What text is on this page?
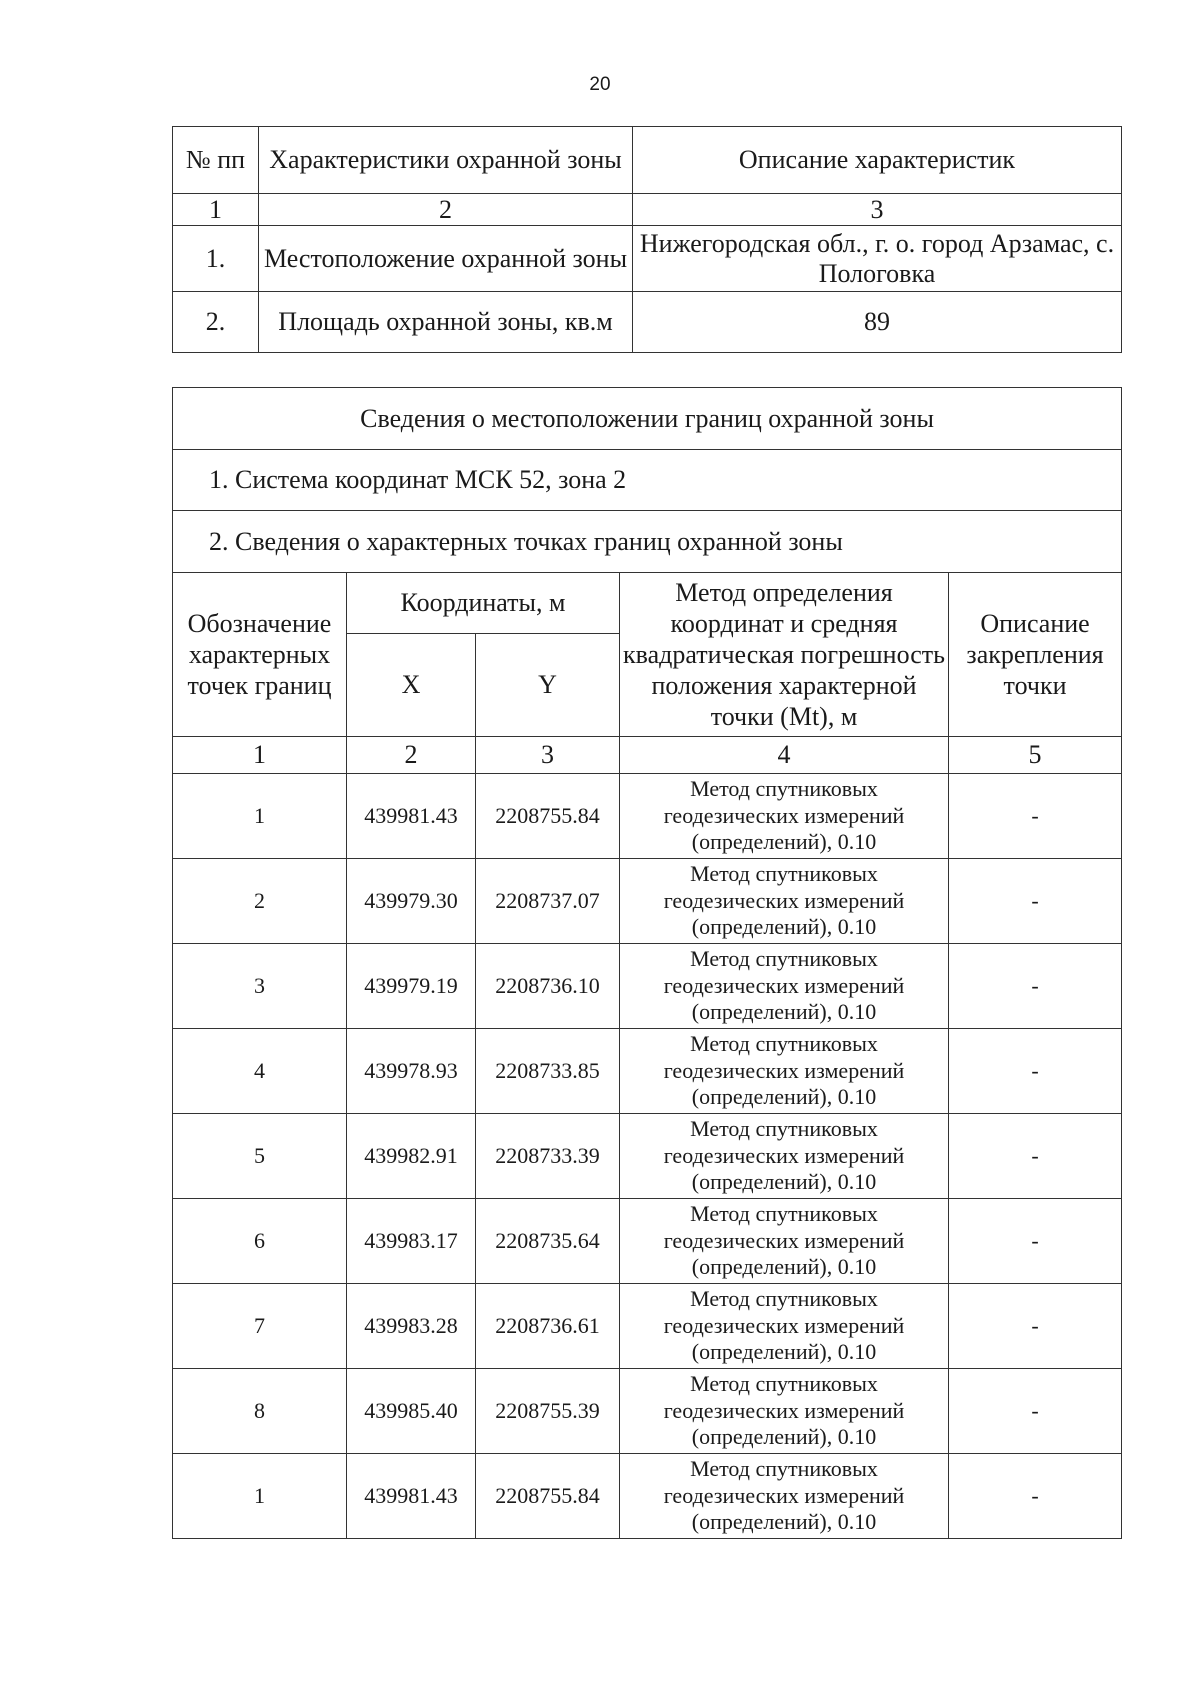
20
№ пп	Характеристики охранной зоны	Описание характеристик
1	2	3
1.	Местоположение охранной зоны	Нижегородская обл., г. о. город Арзамас, с. Пологовка
2.	Площадь охранной зоны, кв.м	89
Сведения о местоположении границ охранной зоны				
1. Система координат МСК 52, зона 2				
2. Сведения о характерных точках границ охранной зоны				
Обозначение характерных точек границ	Координаты, м		Метод определения координат и средняя квадратическая погрешность положения характерной точки (Mt), м	Описание закрепления точки
	X	Y		
1	2	3	4	5
1	439981.43	2208755.84	Метод спутниковых геодезических измерений (определений), 0.10	-
2	439979.30	2208737.07	Метод спутниковых геодезических измерений (определений), 0.10	-
3	439979.19	2208736.10	Метод спутниковых геодезических измерений (определений), 0.10	-
4	439978.93	2208733.85	Метод спутниковых геодезических измерений (определений), 0.10	-
5	439982.91	2208733.39	Метод спутниковых геодезических измерений (определений), 0.10	-
6	439983.17	2208735.64	Метод спутниковых геодезических измерений (определений), 0.10	-
7	439983.28	2208736.61	Метод спутниковых геодезических измерений (определений), 0.10	-
8	439985.40	2208755.39	Метод спутниковых геодезических измерений (определений), 0.10	-
1	439981.43	2208755.84	Метод спутниковых геодезических измерений (определений), 0.10	-
